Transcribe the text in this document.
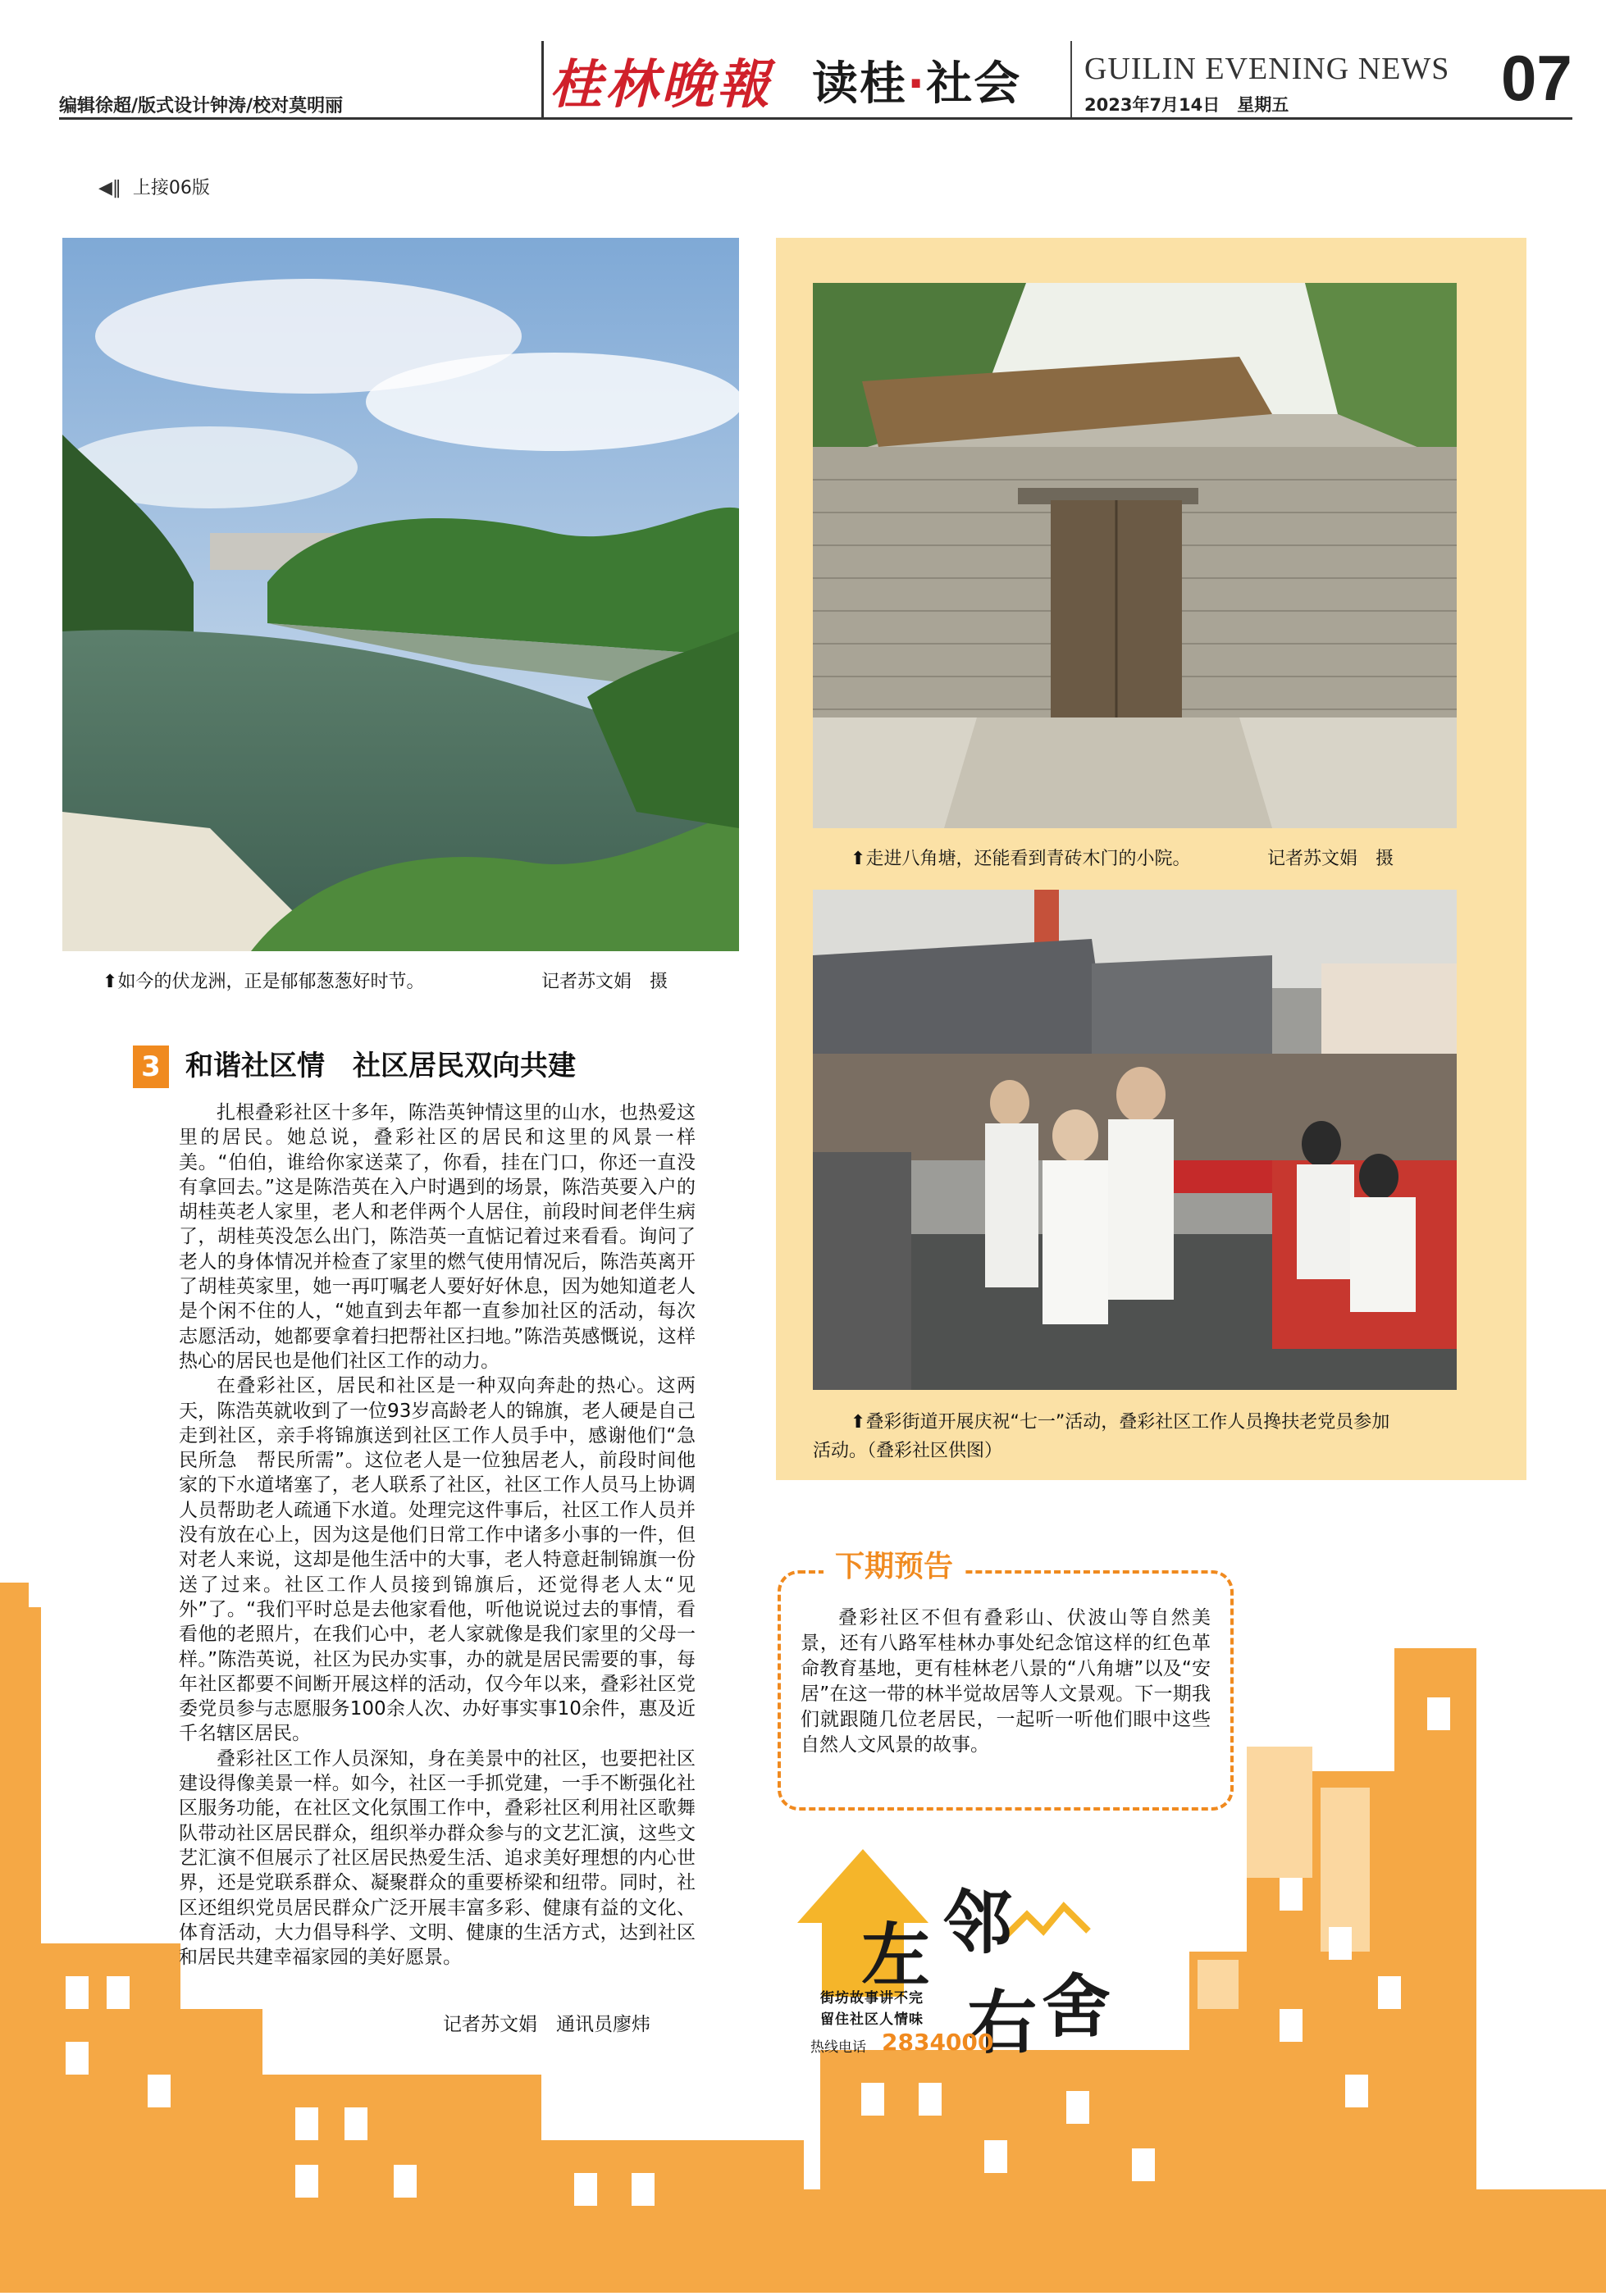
编辑徐超/版式设计钟涛/校对莫明丽	桂林晚報 读桂·社会 GUILIN EVENING NEWS
2023年7月14日　星期五	07
◀‖ 上接06版
⬆如今的伏龙洲，正是郁郁葱葱好时节。	记者苏文娟　摄
⬆走进八角塘，还能看到青砖木门的小院。	记者苏文娟　摄
⬆叠彩街道开展庆祝“七一”活动，叠彩社区工作人员搀扶老党员参加
活动。（叠彩社区供图）
3 和谐社区情　社区居民双向共建

扎根叠彩社区十多年，陈浩英钟情这里的山水，也热爱这里的居民。她总说，叠彩社区的居民和这里的风景一样美。“伯伯，谁给你家送菜了，你看，挂在门口，你还一直没有拿回去。”这是陈浩英在入户时遇到的场景，陈浩英要入户的胡桂英老人家里，老人和老伴两个人居住，前段时间老伴生病了，胡桂英没怎么出门，陈浩英一直惦记着过来看看。询问了老人的身体情况并检查了家里的燃气使用情况后，陈浩英离开了胡桂英家里，她一再叮嘱老人要好好休息，因为她知道老人是个闲不住的人，“她直到去年都一直参加社区的活动，每次志愿活动，她都要拿着扫把帮社区扫地。”陈浩英感慨说，这样热心的居民也是他们社区工作的动力。

在叠彩社区，居民和社区是一种双向奔赴的热心。这两天，陈浩英就收到了一位93岁高龄老人的锦旗，老人硬是自己走到社区，亲手将锦旗送到社区工作人员手中，感谢他们“急民所急　帮民所需”。这位老人是一位独居老人，前段时间他家的下水道堵塞了，老人联系了社区，社区工作人员马上协调人员帮助老人疏通下水道。处理完这件事后，社区工作人员并没有放在心上，因为这是他们日常工作中诸多小事的一件，但对老人来说，这却是他生活中的大事，老人特意赶制锦旗一份送了过来。社区工作人员接到锦旗后，还觉得老人太“见外”了。“我们平时总是去他家看他，听他说说过去的事情，看看他的老照片，在我们心中，老人家就像是我们家里的父母一样。”陈浩英说，社区为民办实事，办的就是居民需要的事，每年社区都要不间断开展这样的活动，仅今年以来，叠彩社区党委党员参与志愿服务100余人次、办好事实事10余件，惠及近千名辖区居民。

叠彩社区工作人员深知，身在美景中的社区，也要把社区建设得像美景一样。如今，社区一手抓党建，一手不断强化社区服务功能，在社区文化氛围工作中，叠彩社区利用社区歌舞队带动社区居民群众，组织举办群众参与的文艺汇演，这些文艺汇演不但展示了社区居民热爱生活、追求美好理想的内心世界，还是党联系群众、凝聚群众的重要桥梁和纽带。同时，社区还组织党员居民群众广泛开展丰富多彩、健康有益的文化、体育活动，大力倡导科学、文明、健康的生活方式，达到社区和居民共建幸福家园的美好愿景。

记者苏文娟　通讯员廖炜
下期预告

叠彩社区不但有叠彩山、伏波山等自然美景，还有八路军桂林办事处纪念馆这样的红色革命教育基地，更有桂林老八景的“八角塘”以及“安居”在这一带的林半觉故居等人文景观。下一期我们就跟随几位老居民，一起听一听他们眼中这些自然人文风景的故事。

左 邻
右 舍
街坊故事讲不完
留住社区人情味
热线电话 2834000
